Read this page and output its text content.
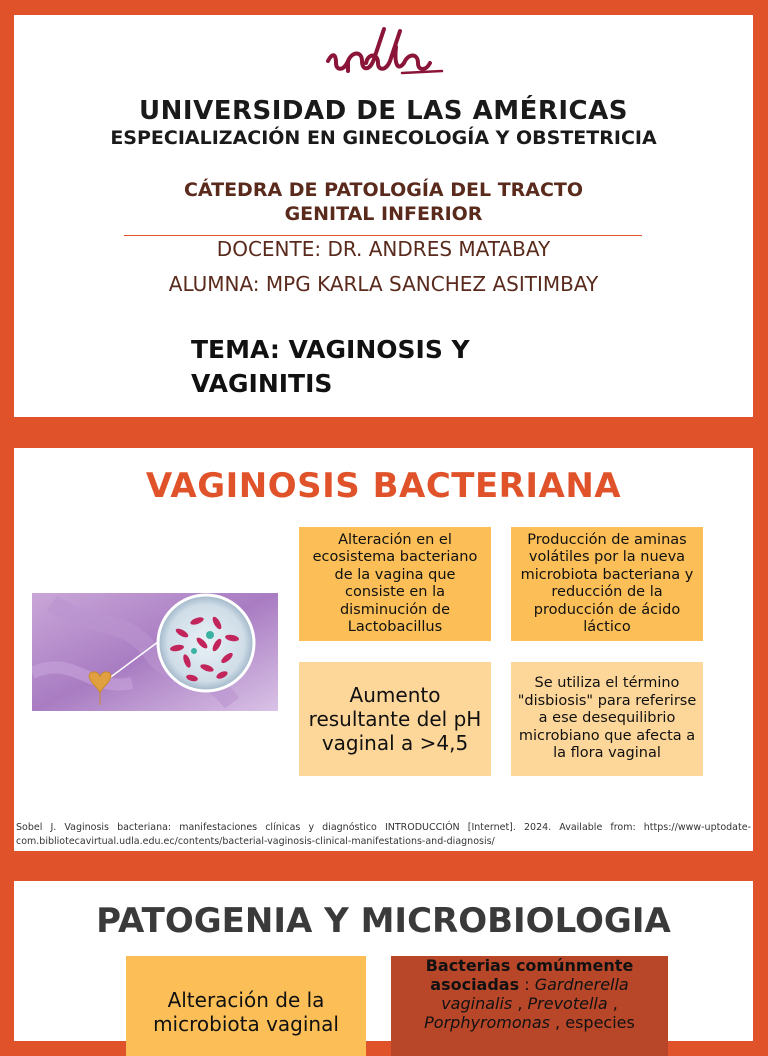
UNIVERSIDAD DE LAS AMÉRICAS
ESPECIALIZACIÓN EN GINECOLOGÍA Y OBSTETRICIA
CÁTEDRA DE PATOLOGÍA DEL TRACTO
GENITAL INFERIOR
DOCENTE: DR. ANDRES MATABAY
ALUMNA: MPG KARLA SANCHEZ ASITIMBAY
TEMA: VAGINOSIS Y
VAGINITIS
VAGINOSIS BACTERIANA
Alteración en el ecosistema bacteriano de la vagina que consiste en la disminución de Lactobacillus
Producción de aminas volátiles por la nueva microbiota bacteriana y reducción de la producción de ácido láctico
Aumento resultante del pH vaginal a >4,5
Se utiliza el término "disbiosis" para referirse a ese desequilibrio microbiano que afecta a la flora vaginal
Sobel J. Vaginosis bacteriana: manifestaciones clínicas y diagnóstico INTRODUCCIÓN [Internet]. 2024. Available from: https://www-uptodate-com.bibliotecavirtual.udla.edu.ec/contents/bacterial-vaginosis-clinical-manifestations-and-diagnosis/
PATOGENIA Y MICROBIOLOGIA
Alteración de la microbiota vaginal
Bacterias comúnmente asociadas : Gardnerella vaginalis , Prevotella , Porphyromonas , especies
